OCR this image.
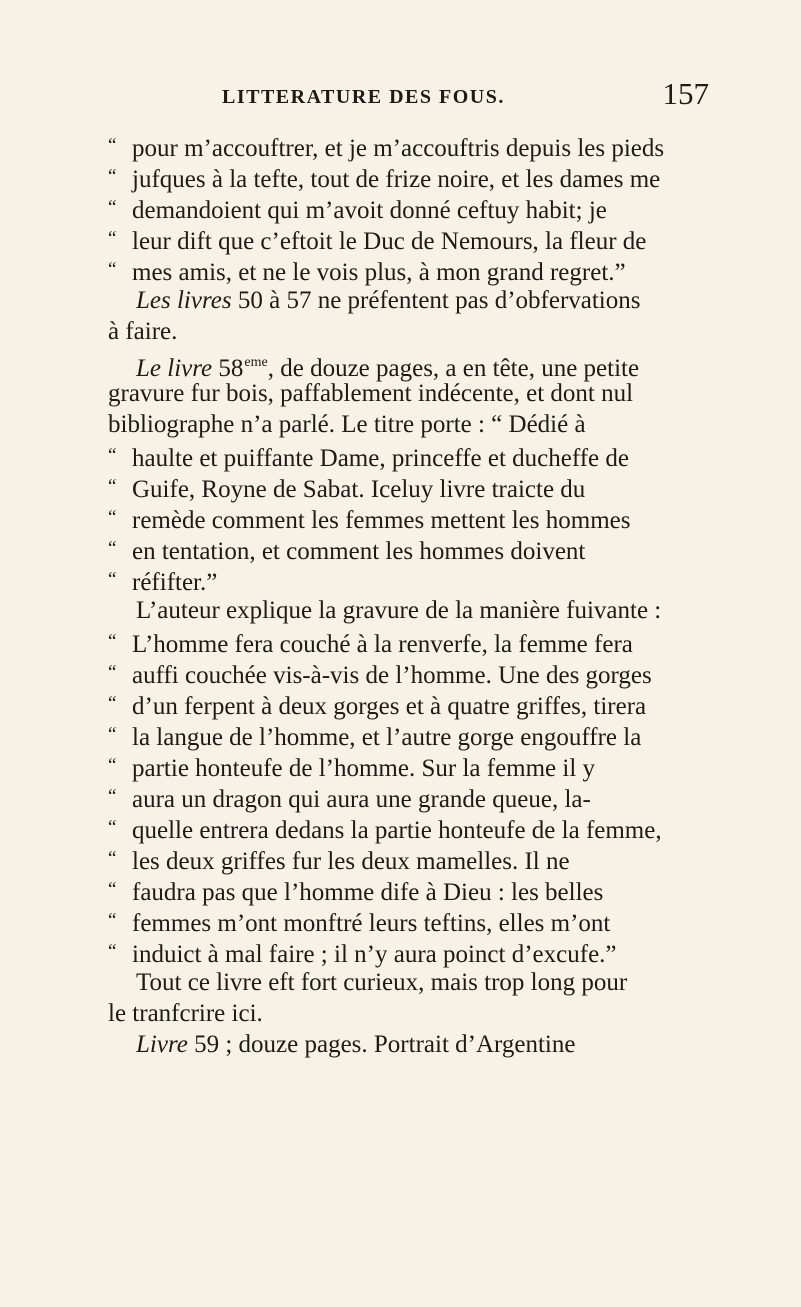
LITTERATURE DES FOUS.	157
“ pour m’accouftrer, et je m’accouftris depuis les pieds
“ jufques à la tefte, tout de frize noire, et les dames me
“ demandoient qui m’avoit donné ceftuy habit; je
“ leur dift que c’eftoit le Duc de Nemours, la fleur de
“ mes amis, et ne le vois plus, à mon grand regret.”
Les livres 50 à 57 ne préfentent pas d’obfervations
à faire.
Le livre 58eme, de douze pages, a en tête, une petite
gravure fur bois, paffablement indécente, et dont nul
bibliographe n’a parlé. Le titre porte : “ Dédié à
“ haulte et puiffante Dame, princeffe et ducheffe de
“ Guife, Royne de Sabat. Iceluy livre traicte du
“ remède comment les femmes mettent les hommes
“ en tentation, et comment les hommes doivent
“ réfifter.”
L’auteur explique la gravure de la manière fuivante :
“ L’homme fera couché à la renverfe, la femme fera
“ auffi couchée vis-à-vis de l’homme. Une des gorges
“ d’un ferpent à deux gorges et à quatre griffes, tirera
“ la langue de l’homme, et l’autre gorge engouffre la
“ partie honteufe de l’homme. Sur la femme il y
“ aura un dragon qui aura une grande queue, la-
“ quelle entrera dedans la partie honteufe de la femme,
“ les deux griffes fur les deux mamelles. Il ne
“ faudra pas que l’homme dife à Dieu : les belles
“ femmes m’ont monftré leurs teftins, elles m’ont
“ induict à mal faire ; il n’y aura poinct d’excufe.”
Tout ce livre eft fort curieux, mais trop long pour
le tranfcrire ici.
Livre 59 ; douze pages. Portrait d’Argentine
